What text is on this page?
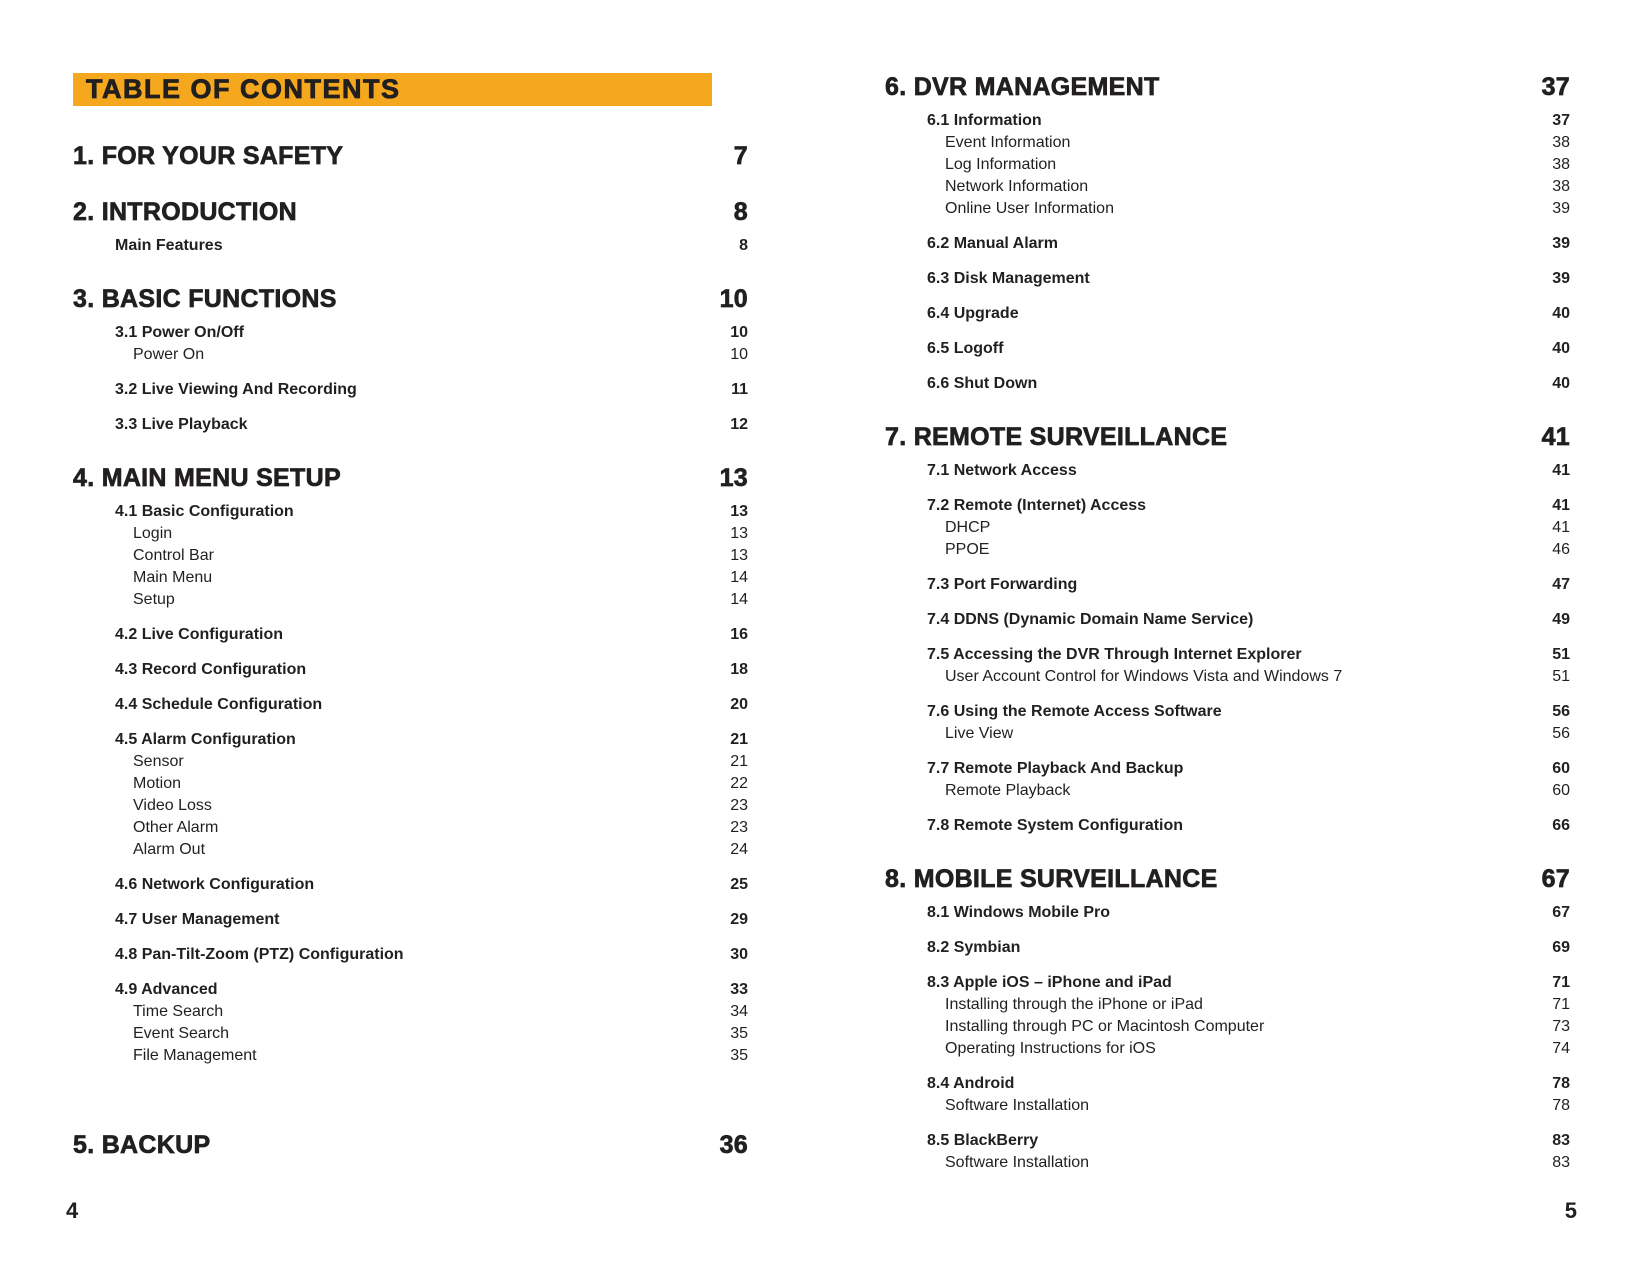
TABLE OF CONTENTS
1. FOR YOUR SAFETY	7
2. INTRODUCTION	8
Main Features	8
3. BASIC FUNCTIONS	10
3.1 Power On/Off	10
Power On	10
3.2 Live Viewing And Recording	11
3.3 Live Playback	12
4. MAIN MENU SETUP	13
4.1 Basic Configuration	13
Login	13
Control Bar	13
Main Menu	14
Setup	14
4.2 Live Configuration	16
4.3 Record Configuration	18
4.4 Schedule Configuration	20
4.5 Alarm Configuration	21
Sensor	21
Motion	22
Video Loss	23
Other Alarm	23
Alarm Out	24
4.6 Network Configuration	25
4.7 User Management	29
4.8 Pan-Tilt-Zoom (PTZ) Configuration	30
4.9 Advanced	33
Time Search	34
Event Search	35
File Management	35
5. BACKUP	36
6. DVR MANAGEMENT	37
6.1 Information	37
Event Information	38
Log Information	38
Network Information	38
Online User Information	39
6.2 Manual Alarm	39
6.3 Disk Management	39
6.4 Upgrade	40
6.5 Logoff	40
6.6 Shut Down	40
7. REMOTE SURVEILLANCE	41
7.1 Network Access	41
7.2 Remote (Internet) Access	41
DHCP	41
PPOE	46
7.3 Port Forwarding	47
7.4 DDNS (Dynamic Domain Name Service)	49
7.5 Accessing the DVR Through Internet Explorer	51
User Account Control for Windows Vista and Windows 7	51
7.6 Using the Remote Access Software	56
Live View	56
7.7 Remote Playback And Backup	60
Remote Playback	60
7.8 Remote System Configuration	66
8. MOBILE SURVEILLANCE	67
8.1 Windows Mobile Pro	67
8.2 Symbian	69
8.3 Apple iOS – iPhone and iPad	71
Installing through the iPhone or iPad	71
Installing through PC or Macintosh Computer	73
Operating Instructions for iOS	74
8.4 Android	78
Software Installation	78
8.5 BlackBerry	83
Software Installation	83
4	5
